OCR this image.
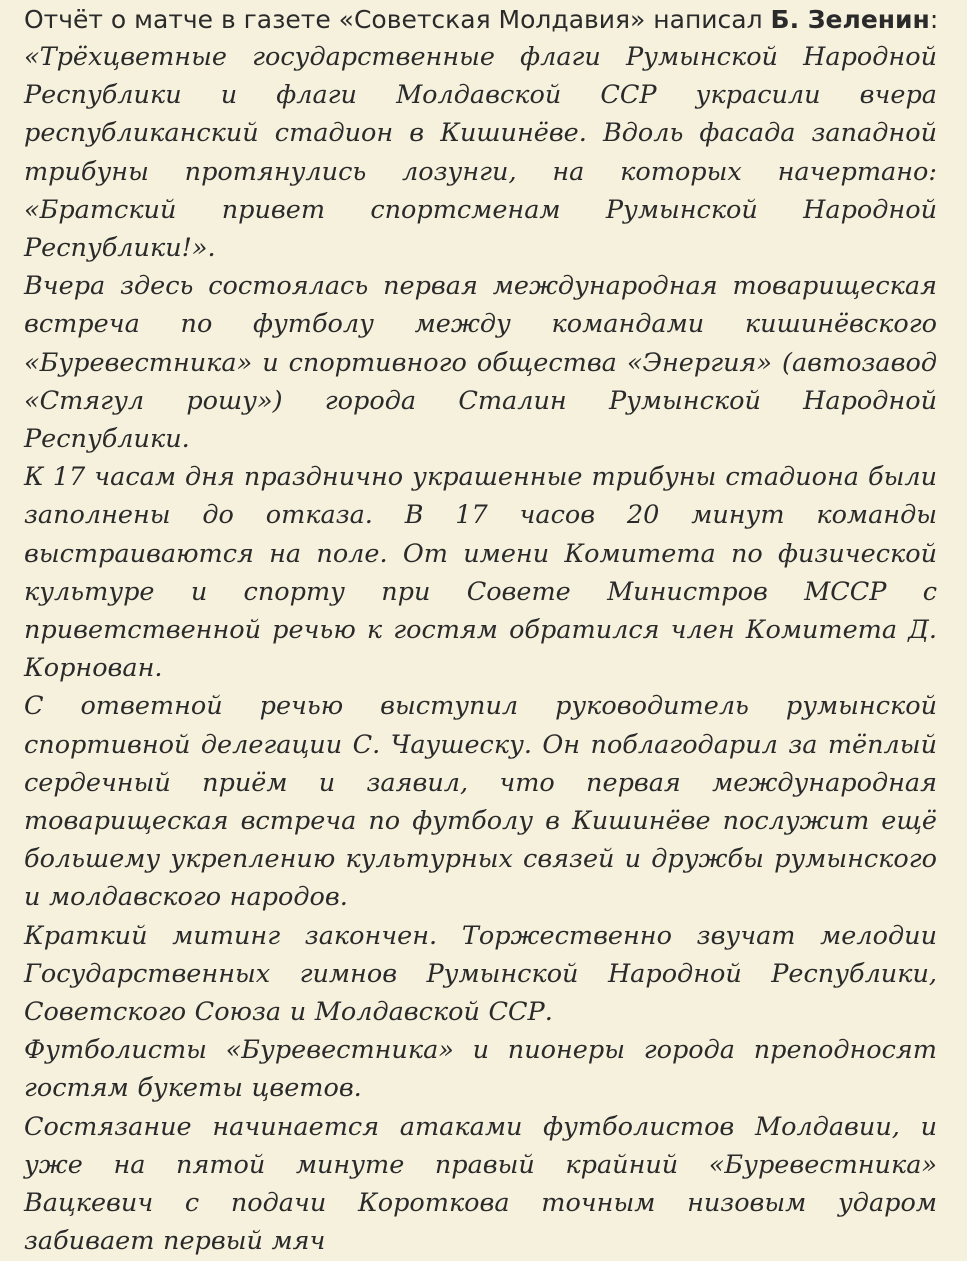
Отчёт о матче в газете «Советская Молдавия» написал Б. Зеленин:

«Трёхцветные государственные флаги Румынской Народной Республики и флаги Молдавской ССР украсили вчера республиканский стадион в Кишинёве. Вдоль фасада западной трибуны протянулись лозунги, на которых начертано: «Братский привет спортсменам Румынской Народной Республики!».

Вчера здесь состоялась первая международная товарищеская встреча по футболу между командами кишинёвского «Буревестника» и спортивного общества «Энергия» (автозавод «Стягул рошу») города Сталин Румынской Народной Республики.

К 17 часам дня празднично украшенные трибуны стадиона были заполнены до отказа. В 17 часов 20 минут команды выстраиваются на поле. От имени Комитета по физической культуре и спорту при Совете Министров МССР с приветственной речью к гостям обратился член Комитета Д. Корнован.

С ответной речью выступил руководитель румынской спортивной делегации С. Чаушеску. Он поблагодарил за тёплый сердечный приём и заявил, что первая международная товарищеская встреча по футболу в Кишинёве послужит ещё большему укреплению культурных связей и дружбы румынского и молдавского народов.

Краткий митинг закончен. Торжественно звучат мелодии Государственных гимнов Румынской Народной Республики, Советского Союза и Молдавской ССР.

Футболисты «Буревестника» и пионеры города преподносят гостям букеты цветов.

Состязание начинается атаками футболистов Молдавии, и уже на пятой минуте правый крайний «Буревестника» Вацкевич с подачи Короткова точным низовым ударом забивает первый мяч
